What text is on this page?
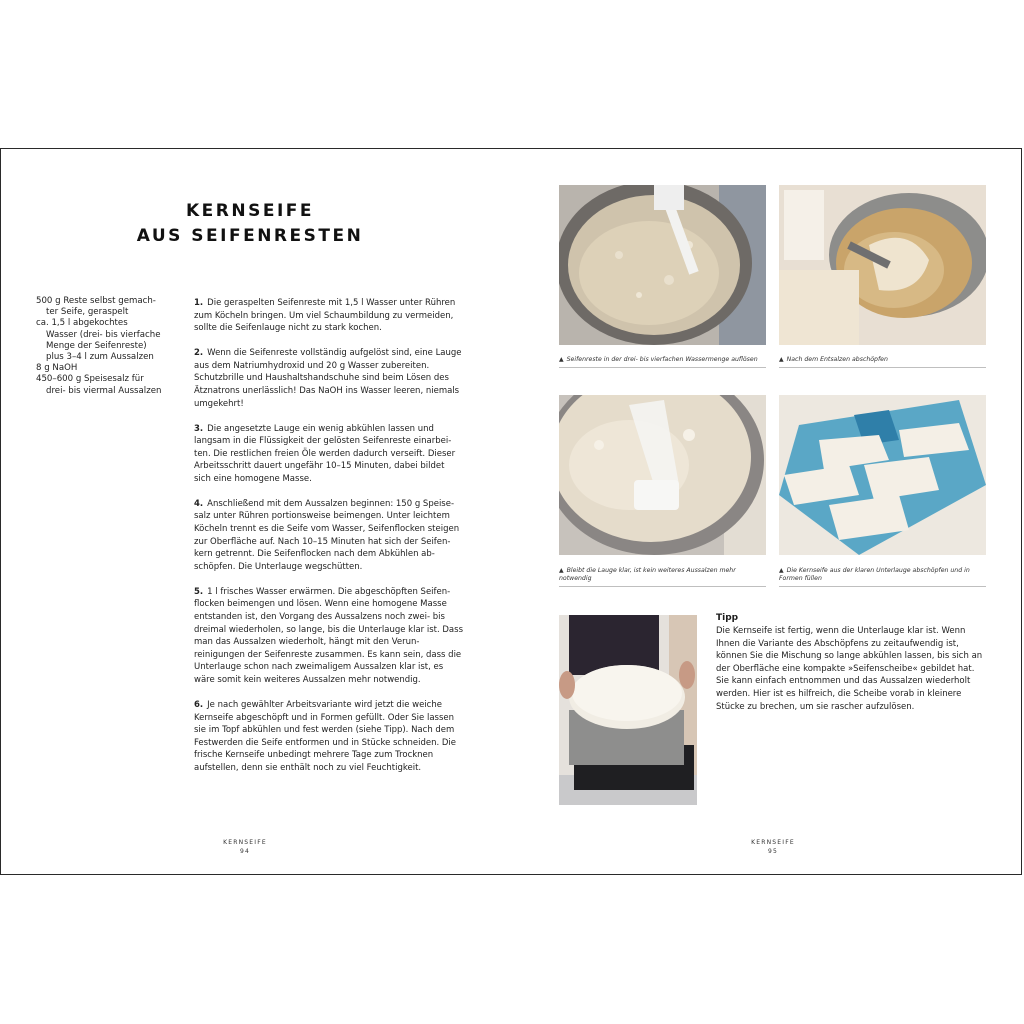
KERNSEIFE
AUS SEIFENRESTEN

500 g Reste selbst gemach-
ter Seife, geraspelt

ca. 1,5 l abgekochtes
Wasser (drei- bis vierfache
Menge der Seifenreste)
plus 3–4 l zum Aussalzen

8 g NaOH

450–600 g Speisesalz für
drei- bis viermal Aussalzen

1. Die geraspelten Seifenreste mit 1,5 l Wasser unter Rühren zum Köcheln bringen. Um viel Schaumbildung zu vermeiden, sollte die Seifenlauge nicht zu stark kochen.

2. Wenn die Seifenreste vollständig aufgelöst sind, eine Lauge aus dem Natriumhydroxid und 20 g Wasser zubereiten. Schutzbrille und Haushaltshandschuhe sind beim Lösen des Ätznatrons unerlässlich! Das NaOH ins Wasser leeren, niemals umgekehrt!

3. Die angesetzte Lauge ein wenig abkühlen lassen und langsam in die Flüssigkeit der gelösten Seifenreste einarbeiten. Die restlichen freien Öle werden dadurch verseift. Dieser Arbeitsschritt dauert ungefähr 10–15 Minuten, dabei bildet sich eine homogene Masse.

4. Anschließend mit dem Aussalzen beginnen: 150 g Speisesalz unter Rühren portionsweise beimengen. Unter leichtem Köcheln trennt es die Seife vom Wasser, Seifenflocken steigen zur Oberfläche auf. Nach 10–15 Minuten hat sich der Seifenkern getrennt. Die Seifenflocken nach dem Abkühlen abschöpfen. Die Unterlauge wegschütten.

5. 1 l frisches Wasser erwärmen. Die abgeschöpften Seifenflocken beimengen und lösen. Wenn eine homogene Masse entstanden ist, den Vorgang des Aussalzens noch zwei- bis dreimal wiederholen, so lange, bis die Unterlauge klar ist. Dass man das Aussalzen wiederholt, hängt mit den Verunreinigungen der Seifenreste zusammen. Es kann sein, dass die Unterlauge schon nach zweimaligem Aussalzen klar ist, es wäre somit kein weiteres Aussalzen mehr notwendig.

6. Je nach gewählter Arbeitsvariante wird jetzt die weiche Kernseife abgeschöpft und in Formen gefüllt. Oder Sie lassen sie im Topf abkühlen und fest werden (siehe Tipp). Nach dem Festwerden die Seife entformen und in Stücke schneiden. Die frische Kernseife unbedingt mehrere Tage zum Trocknen aufstellen, denn sie enthält noch zu viel Feuchtigkeit.

▲ Seifenreste in der drei- bis vierfachen Wassermenge auflösen	▲ Nach dem Entsalzen abschöpfen
▲ Bleibt die Lauge klar, ist kein weiteres Aussalzen mehr notwendig
▲ Die Kernseife aus der klaren Unterlauge abschöpfen und in Formen füllen
Tipp
Die Kernseife ist fertig, wenn die Unterlauge klar ist. Wenn Ihnen die Variante des Abschöpfens zu zeitaufwendig ist, können Sie die Mischung so lange abkühlen lassen, bis sich an der Oberfläche eine kompakte »Seifenscheibe« gebildet hat. Sie kann einfach entnommen und das Aussalzen wiederholt werden. Hier ist es hilfreich, die Scheibe vorab in kleinere Stücke zu brechen, um sie rascher aufzulösen.
KERNSEIFE
94
KERNSEIFE
95
